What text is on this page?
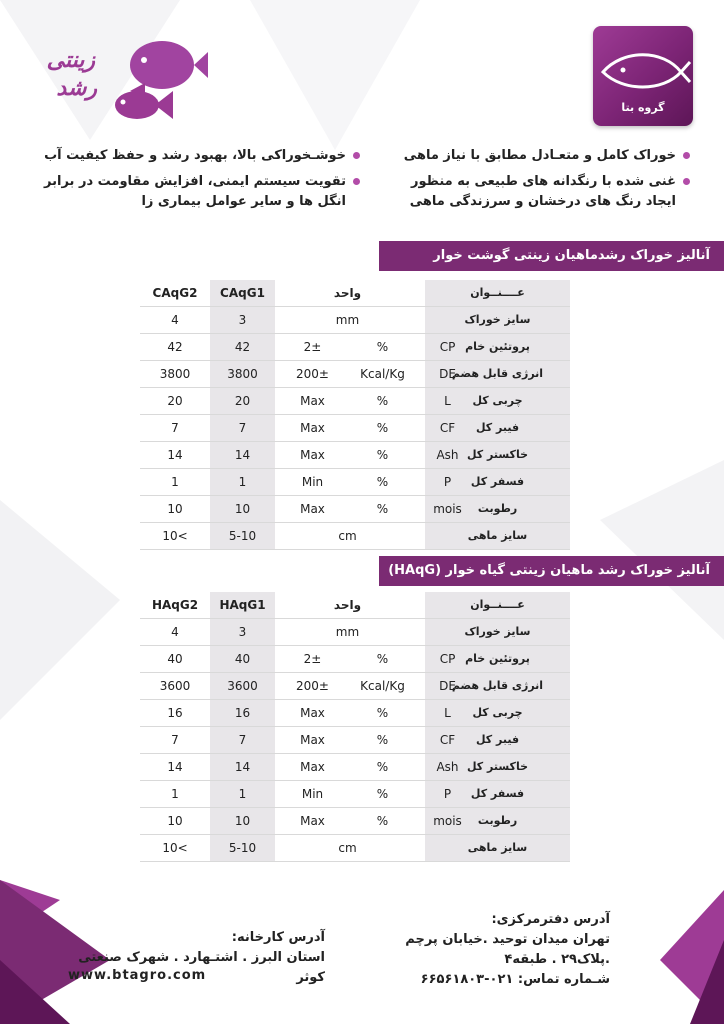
گروه بتا
زینتی
رشد
خوراک کامل و متعـادل مطابق با نیاز ماهی
غنی شده با رنگدانه های طبیعی به منظور ایجاد رنگ های درخشان و سرزندگی ماهی
خوشـخوراکی بالا، بهبود رشد و حفظ کیفیت آب
تقویت سیستم ایمنی، افزایش مقاومت در برابر انگل ها و سایر عوامل بیماری زا
آنالیز خوراک رشدماهیان زینتی گوشت خوار (CAqG)
عــــنــوان
واحد
CAqG1
CAqG2
سایز خوراک
mm
3
4
پروتئین خام
CP
%
2±
42
42
انرژی قابل هضم
DE
Kcal/Kg
200±
3800
3800
چربی کل
L
%
Max
20
20
فیبر کل
CF
%
Max
7
7
خاکستر کل
Ash
%
Max
14
14
فسفر کل
P
%
Min
1
1
رطوبت
mois
%
Max
10
10
سایز ماهی
cm
5-10
10<
آنالیز خوراک رشد ماهیان زینتی گیاه خوار (HAqG)
عــــنــوان
واحد
HAqG1
HAqG2
سایز خوراک
mm
3
4
پروتئین خام
CP
%
2±
40
40
انرژی قابل هضم
DE
Kcal/Kg
200±
3600
3600
چربی کل
L
%
Max
16
16
فیبر کل
CF
%
Max
7
7
خاکستر کل
Ash
%
Max
14
14
فسفر کل
P
%
Min
1
1
رطوبت
mois
%
Max
10
10
سایز ماهی
cm
5-10
10<
آدرس دفترمرکزی:
تهران میدان توحید .خیابان پرچم .پلاک۲۹ . طبقه۴
شـماره تماس: ۰۲۱-۶۶۵۶۱۸۰۳
آدرس کارخانه:
استان البرز . اشتـهارد . شهرک صنعتی کوثر
www.btagro.com
